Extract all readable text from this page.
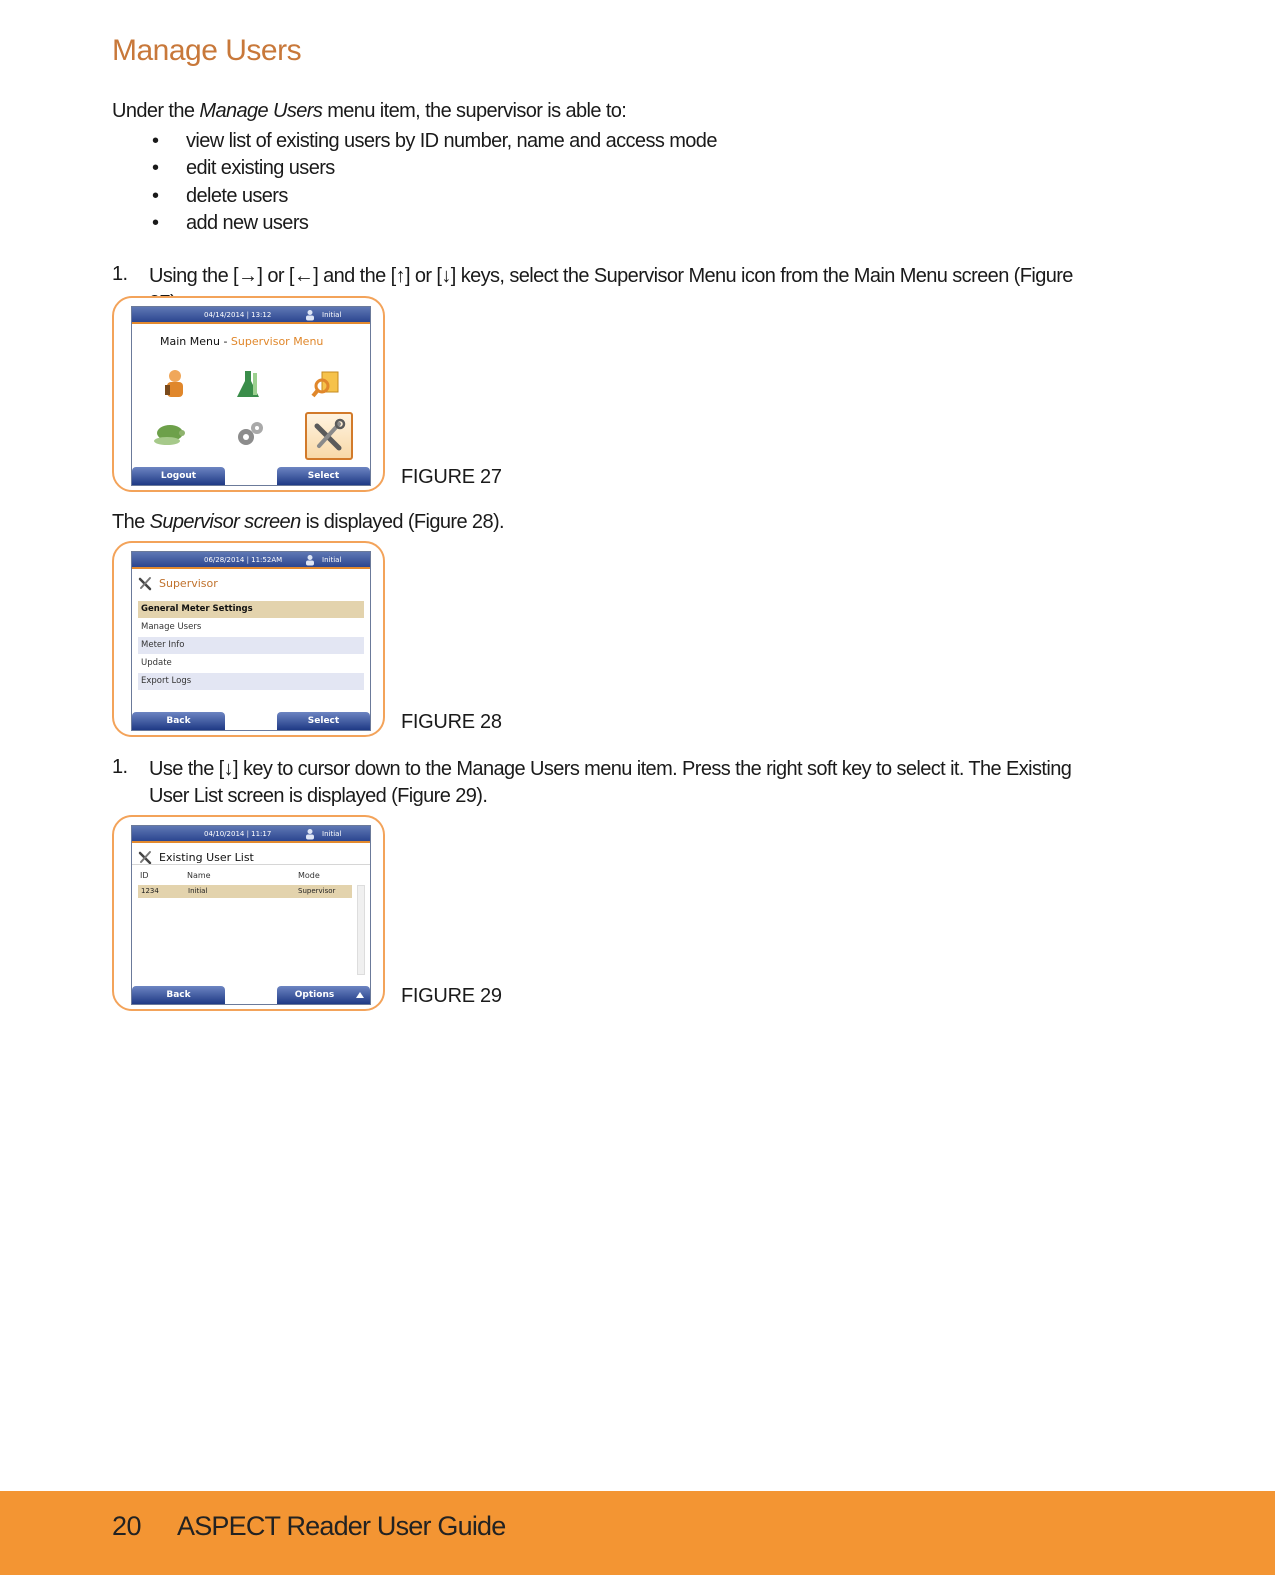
Manage Users
Under the Manage Users menu item, the supervisor is able to:
• view list of existing users by ID number, name and access mode
• edit existing users
• delete users
• add new users
1.	Using the [→] or [←] and the [↑] or [↓] keys, select the Supervisor Menu icon from the Main Menu screen (Figure
04/14/2014 | 13:12	Initial
Main Menu - Supervisor Menu
Logout	Select	FIGURE 27
The Supervisor screen is displayed (Figure 28).
06/28/2014 | 11:52AM	Initial
Supervisor
General Meter Settings
Manage Users
Meter Info
Update
Export Logs
Back	Select	FIGURE 28
1.	Use the [↓] key to cursor down to the Manage Users menu item. Press the right soft key to select it. The Existing User List screen is displayed (Figure 29).
04/10/2014 | 11:17	Initial
Existing User List
ID	Name	Mode
1234	Initial	Supervisor
Back	Options	FIGURE 29
20 ASPECT Reader User Guide
